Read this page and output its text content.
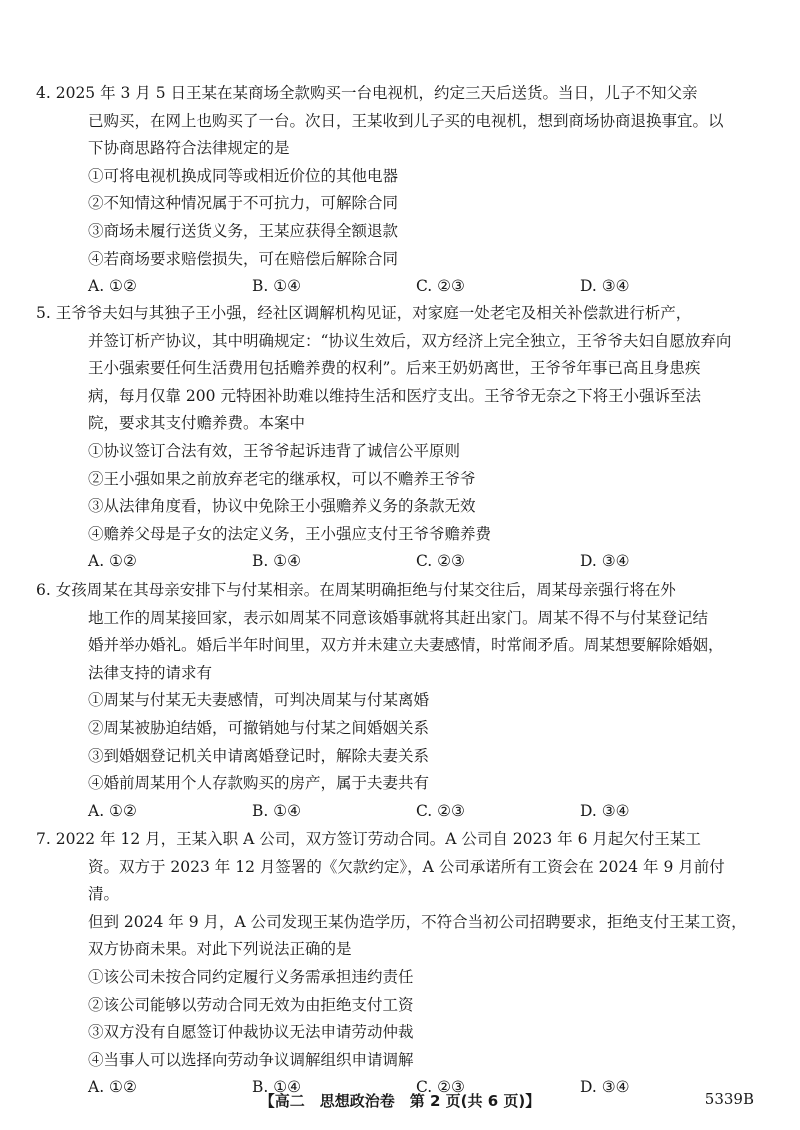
4. 2025 年 3 月 5 日王某在某商场全款购买一台电视机，约定三天后送货。当日，儿子不知父亲

已购买，在网上也购买了一台。次日，王某收到儿子买的电视机，想到商场协商退换事宜。以

下协商思路符合法律规定的是

①可将电视机换成同等或相近价位的其他电器

②不知情这种情况属于不可抗力，可解除合同

③商场未履行送货义务，王某应获得全额退款

④若商场要求赔偿损失，可在赔偿后解除合同

A. ①②	B. ①④	C. ②③	D. ③④

5. 王爷爷夫妇与其独子王小强，经社区调解机构见证，对家庭一处老宅及相关补偿款进行析产，

并签订析产协议，其中明确规定：“协议生效后，双方经济上完全独立，王爷爷夫妇自愿放弃向

王小强索要任何生活费用包括赡养费的权利”。后来王奶奶离世，王爷爷年事已高且身患疾

病，每月仅靠 200 元特困补助难以维持生活和医疗支出。王爷爷无奈之下将王小强诉至法

院，要求其支付赡养费。本案中

①协议签订合法有效，王爷爷起诉违背了诚信公平原则

②王小强如果之前放弃老宅的继承权，可以不赡养王爷爷

③从法律角度看，协议中免除王小强赡养义务的条款无效

④赡养父母是子女的法定义务，王小强应支付王爷爷赡养费

A. ①②	B. ①④	C. ②③	D. ③④

6. 女孩周某在其母亲安排下与付某相亲。在周某明确拒绝与付某交往后，周某母亲强行将在外

地工作的周某接回家，表示如周某不同意该婚事就将其赶出家门。周某不得不与付某登记结

婚并举办婚礼。婚后半年时间里，双方并未建立夫妻感情，时常闹矛盾。周某想要解除婚姻，

法律支持的请求有

①周某与付某无夫妻感情，可判决周某与付某离婚

②周某被胁迫结婚，可撤销她与付某之间婚姻关系

③到婚姻登记机关申请离婚登记时，解除夫妻关系

④婚前周某用个人存款购买的房产，属于夫妻共有

A. ①②	B. ①④	C. ②③	D. ③④

7. 2022 年 12 月，王某入职 A 公司，双方签订劳动合同。A 公司自 2023 年 6 月起欠付王某工

资。双方于 2023 年 12 月签署的《欠款约定》，A 公司承诺所有工资会在 2024 年 9 月前付清。

但到 2024 年 9 月，A 公司发现王某伪造学历，不符合当初公司招聘要求，拒绝支付王某工资，

双方协商未果。对此下列说法正确的是

①该公司未按合同约定履行义务需承担违约责任

②该公司能够以劳动合同无效为由拒绝支付工资

③双方没有自愿签订仲裁协议无法申请劳动仲裁

④当事人可以选择向劳动争议调解组织申请调解

A. ①②	B. ①④	C. ②③	D. ③④
【高二　思想政治卷　第 2 页(共 6 页)】	5339B
